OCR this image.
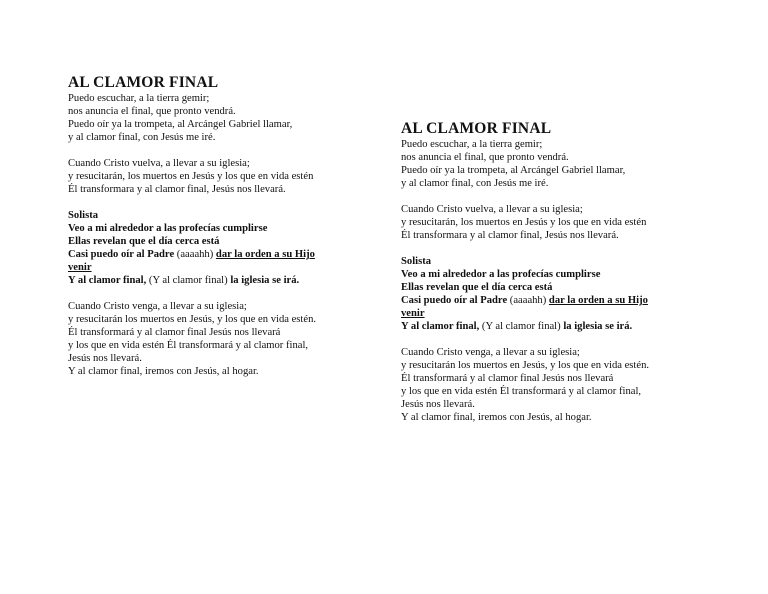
AL CLAMOR FINAL
Puedo escuchar, a la tierra gemir;
nos anuncia el final, que pronto vendrá.
Puedo oír ya la trompeta, al Arcángel Gabriel llamar,
y al clamor final, con Jesús me iré.
Cuando Cristo vuelva, a llevar a su iglesia;
y resucitarán, los muertos en Jesús y los que en vida estén
Él transformara y al clamor final, Jesús nos llevará.
Solista
Veo a mi alrededor a las profecías cumplirse
Ellas revelan que el día cerca está
Casi puedo oír al Padre (aaaahh) dar la orden a su Hijo
venir
Y al clamor final, (Y al clamor final) la iglesia se irá.
Cuando Cristo venga, a llevar a su iglesia;
y resucitarán los muertos en Jesús, y los que en vida estén.
Él transformará y al clamor final Jesús nos llevará
y los que en vida estén Él transformará y al clamor final,
Jesús nos llevará.
Y al clamor final, iremos con Jesús, al hogar.
AL CLAMOR FINAL
Puedo escuchar, a la tierra gemir;
nos anuncia el final, que pronto vendrá.
Puedo oír ya la trompeta, al Arcángel Gabriel llamar,
y al clamor final, con Jesús me iré.
Cuando Cristo vuelva, a llevar a su iglesia;
y resucitarán, los muertos en Jesús y los que en vida estén
Él transformara y al clamor final, Jesús nos llevará.
Solista
Veo a mi alrededor a las profecías cumplirse
Ellas revelan que el día cerca está
Casi puedo oír al Padre (aaaahh) dar la orden a su Hijo
venir
Y al clamor final, (Y al clamor final) la iglesia se irá.
Cuando Cristo venga, a llevar a su iglesia;
y resucitarán los muertos en Jesús, y los que en vida estén.
Él transformará y al clamor final Jesús nos llevará
y los que en vida estén Él transformará y al clamor final,
Jesús nos llevará.
Y al clamor final, iremos con Jesús, al hogar.
